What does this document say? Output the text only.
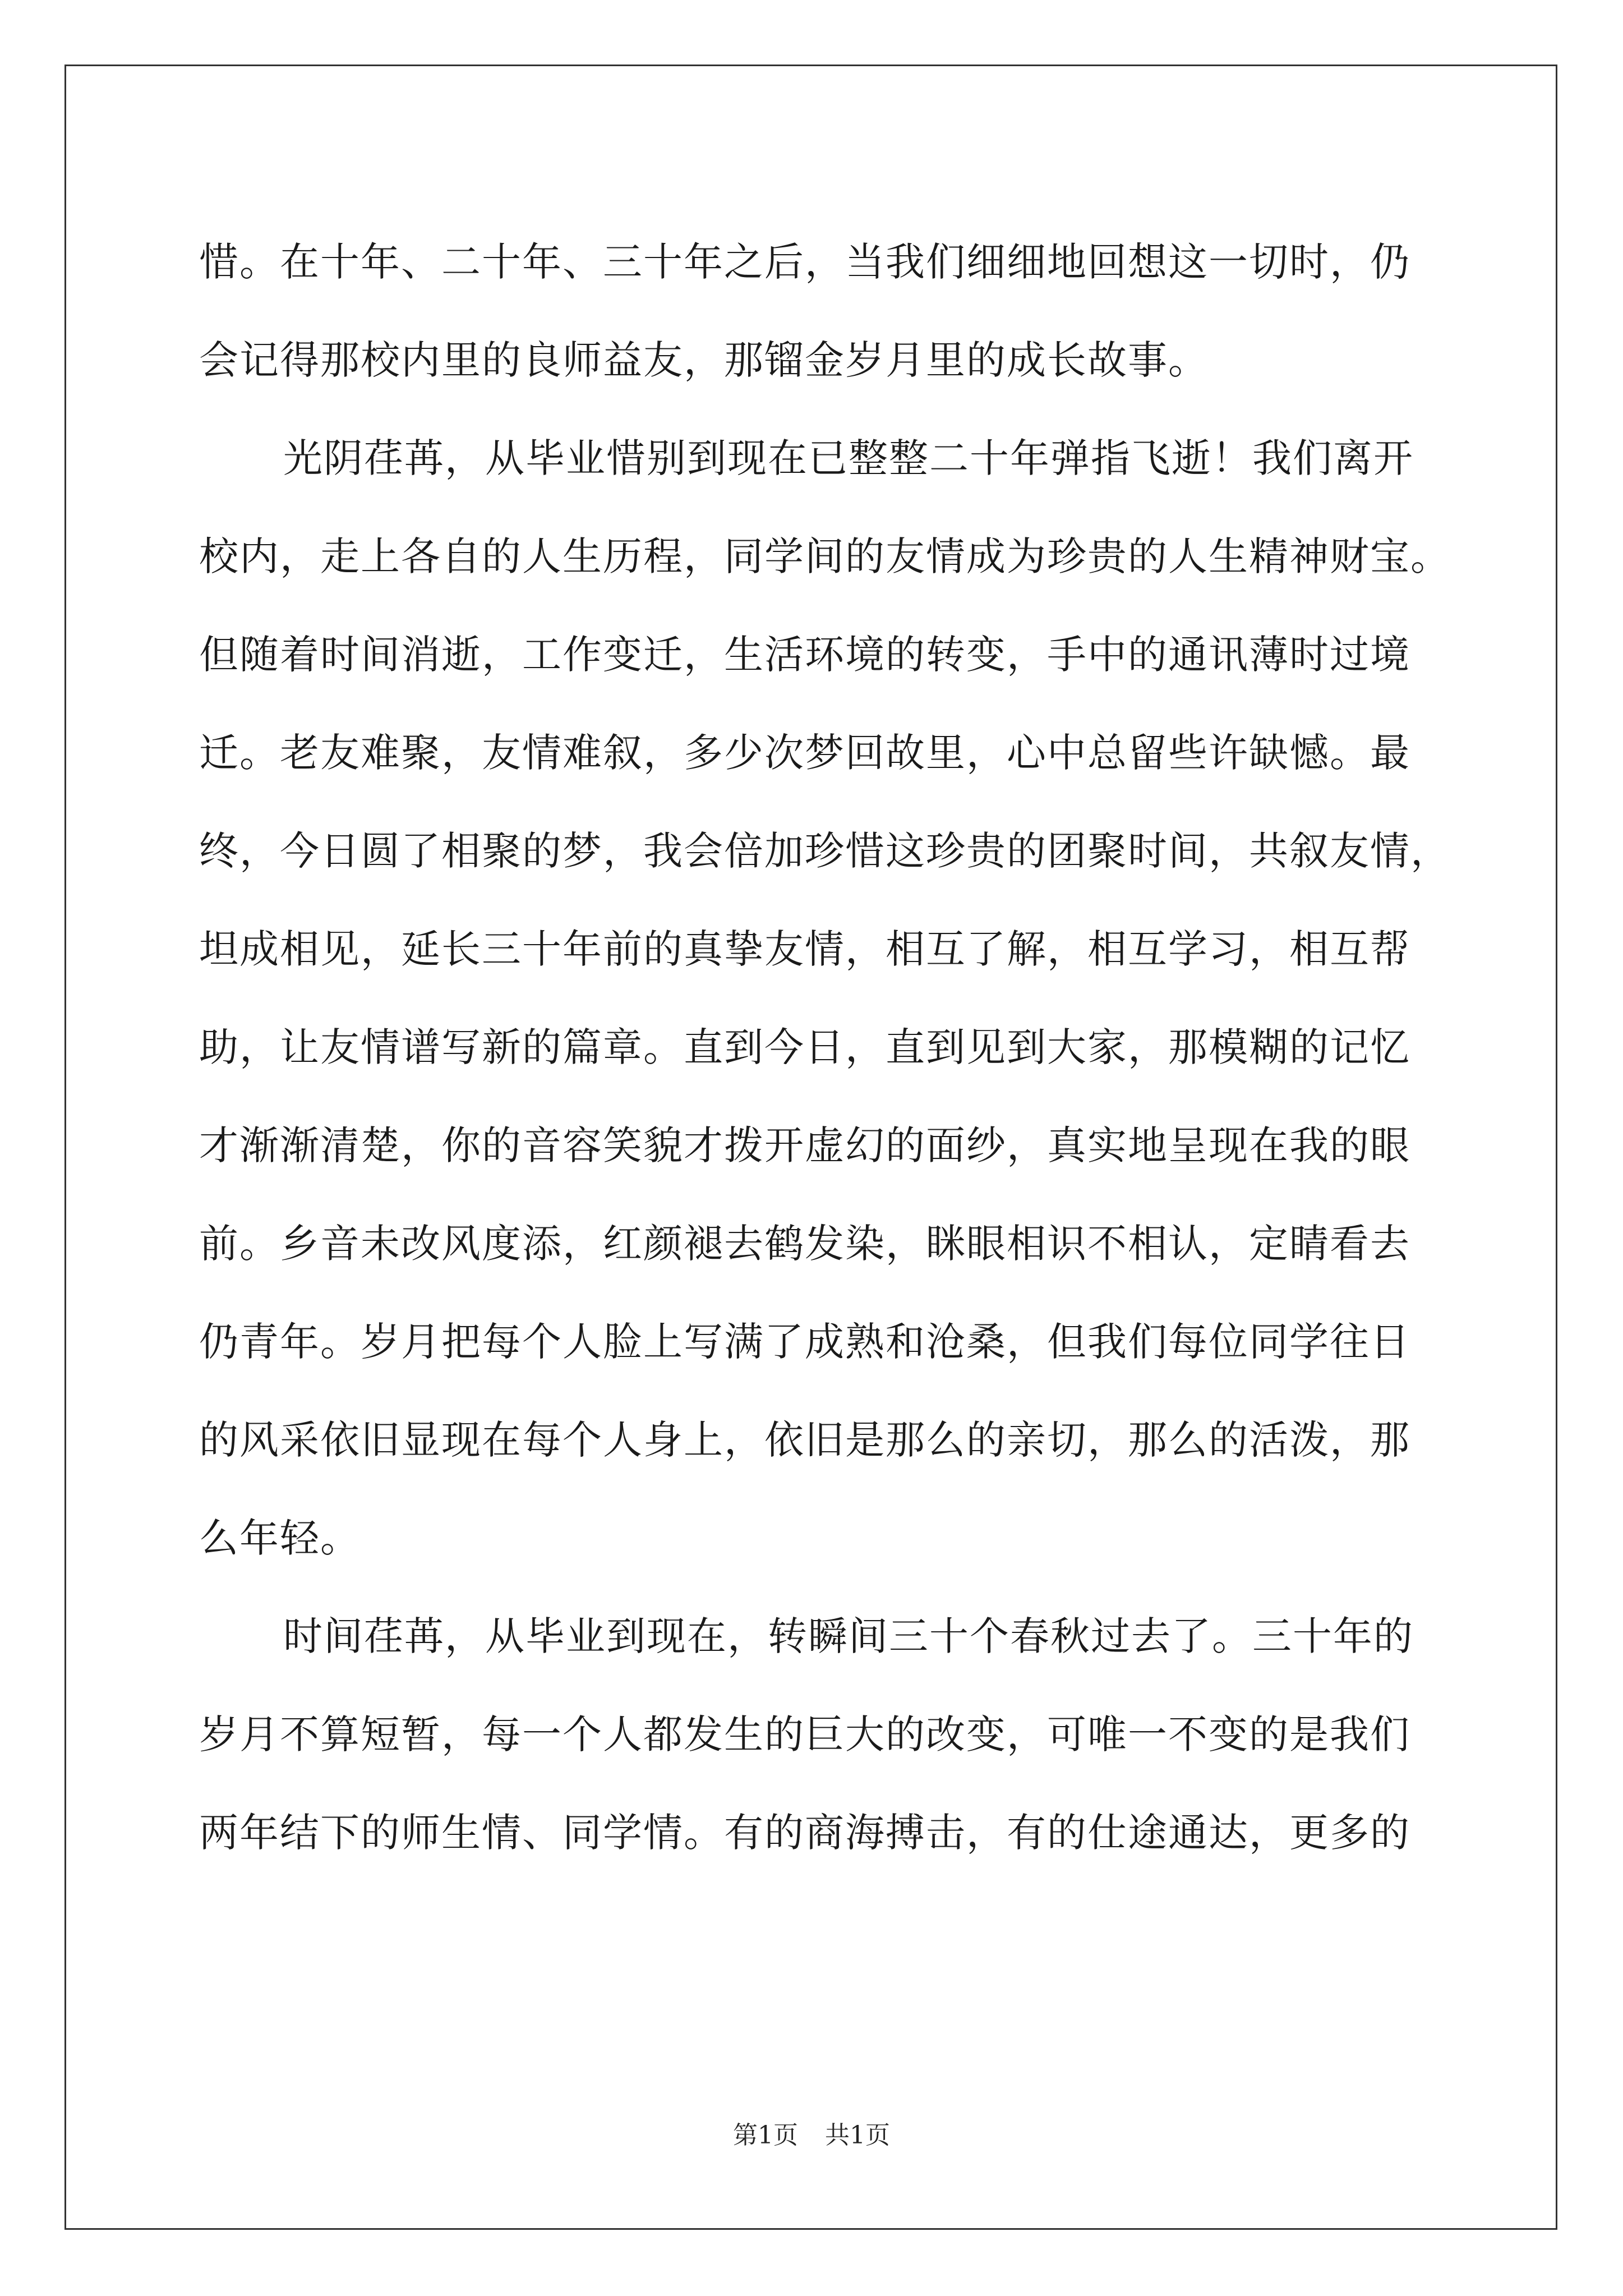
惜。在十年、二十年、三十年之后，当我们细细地回想这一切时，仍
会记得那校内里的良师益友，那镏金岁月里的成长故事。

光阴荏苒，从毕业惜别到现在已整整二十年弹指飞逝！我们离开
校内，走上各自的人生历程，同学间的友情成为珍贵的人生精神财宝。
但随着时间消逝，工作变迁，生活环境的转变，手中的通讯薄时过境
迁。老友难聚，友情难叙，多少次梦回故里，心中总留些许缺憾。最
终，今日圆了相聚的梦，我会倍加珍惜这珍贵的团聚时间，共叙友情，
坦成相见，延长三十年前的真挚友情，相互了解，相互学习，相互帮
助，让友情谱写新的篇章。直到今日，直到见到大家，那模糊的记忆
才渐渐清楚，你的音容笑貌才拨开虚幻的面纱，真实地呈现在我的眼
前。乡音未改风度添，红颜褪去鹤发染，眯眼相识不相认，定睛看去
仍青年。岁月把每个人脸上写满了成熟和沧桑，但我们每位同学往日
的风采依旧显现在每个人身上，依旧是那么的亲切，那么的活泼，那
么年轻。

时间荏苒，从毕业到现在，转瞬间三十个春秋过去了。三十年的
岁月不算短暂，每一个人都发生的巨大的改变，可唯一不变的是我们
两年结下的师生情、同学情。有的商海搏击，有的仕途通达，更多的

第1页 共1页
